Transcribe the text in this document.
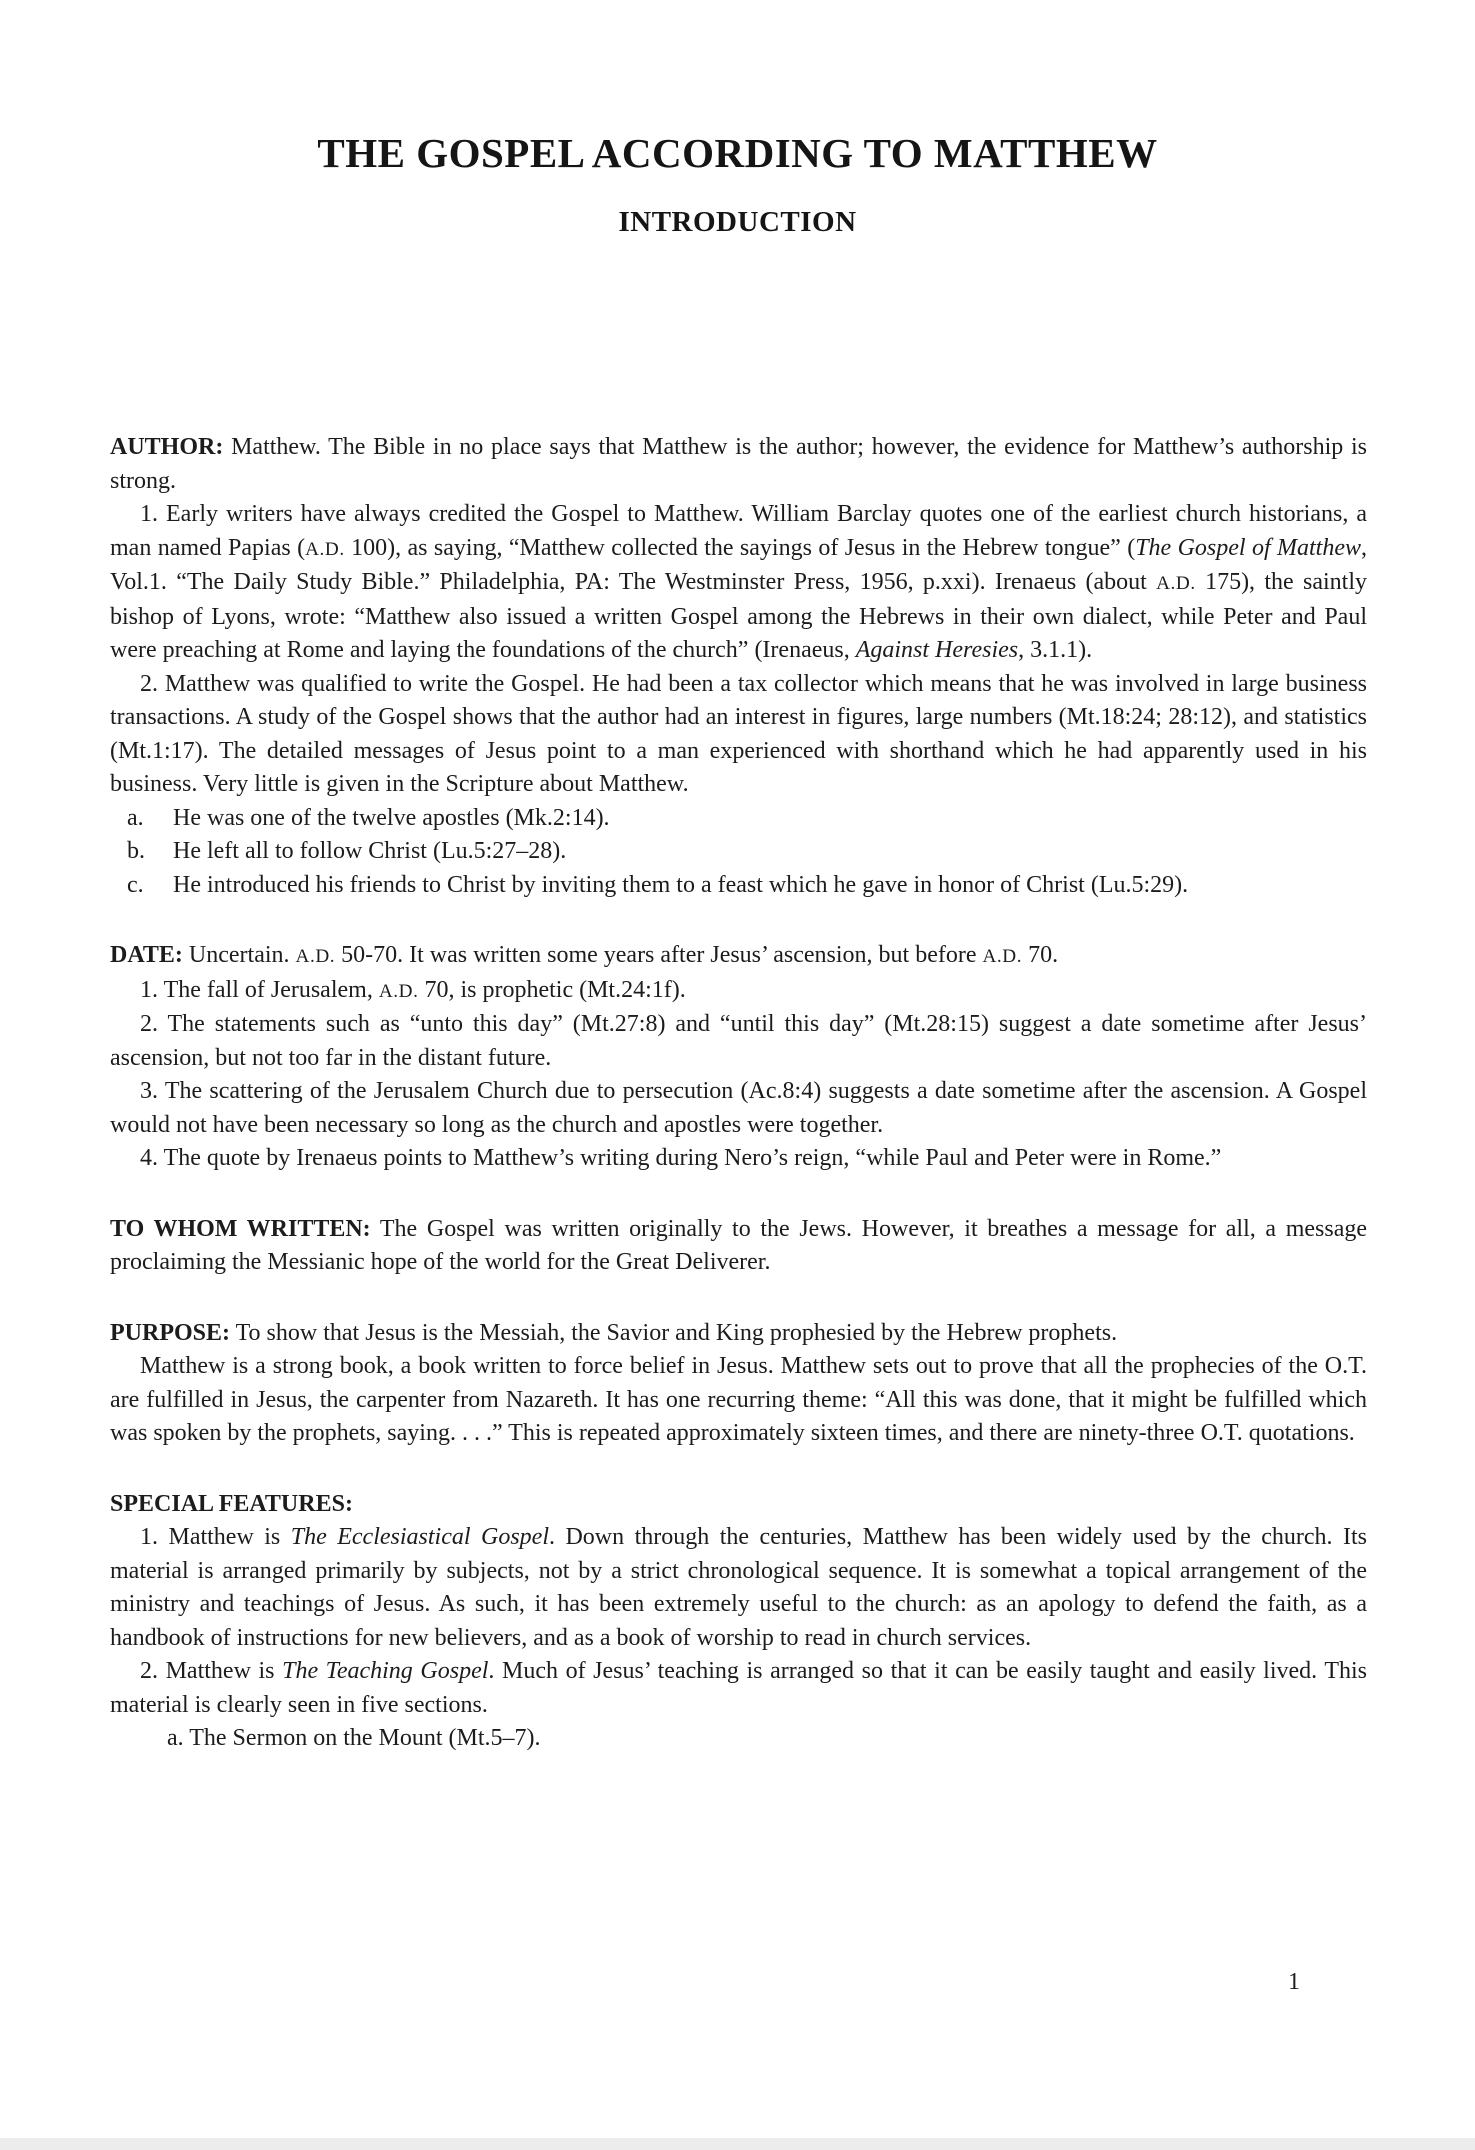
THE GOSPEL ACCORDING TO MATTHEW
INTRODUCTION

AUTHOR: Matthew. The Bible in no place says that Matthew is the author; however, the evidence for Matthew’s authorship is strong.

1. Early writers have always credited the Gospel to Matthew. William Barclay quotes one of the earliest church historians, a man named Papias (A.D. 100), as saying, “Matthew collected the sayings of Jesus in the Hebrew tongue” (The Gospel of Matthew, Vol.1. “The Daily Study Bible.” Philadelphia, PA: The Westminster Press, 1956, p.xxi). Irenaeus (about A.D. 175), the saintly bishop of Lyons, wrote: “Matthew also issued a written Gospel among the Hebrews in their own dialect, while Peter and Paul were preaching at Rome and laying the foundations of the church” (Irenaeus, Against Heresies, 3.1.1).

2. Matthew was qualified to write the Gospel. He had been a tax collector which means that he was involved in large business transactions. A study of the Gospel shows that the author had an interest in figures, large numbers (Mt.18:24; 28:12), and statistics (Mt.1:17). The detailed messages of Jesus point to a man experienced with shorthand which he had apparently used in his business. Very little is given in the Scripture about Matthew.

a. He was one of the twelve apostles (Mk.2:14).

b. He left all to follow Christ (Lu.5:27–28).

c. He introduced his friends to Christ by inviting them to a feast which he gave in honor of Christ (Lu.5:29).

DATE: Uncertain. A.D. 50-70. It was written some years after Jesus’ ascension, but before A.D. 70.

1. The fall of Jerusalem, A.D. 70, is prophetic (Mt.24:1f).

2. The statements such as “unto this day” (Mt.27:8) and “until this day” (Mt.28:15) suggest a date sometime after Jesus’ ascension, but not too far in the distant future.

3. The scattering of the Jerusalem Church due to persecution (Ac.8:4) suggests a date sometime after the ascension. A Gospel would not have been necessary so long as the church and apostles were together.

4. The quote by Irenaeus points to Matthew’s writing during Nero’s reign, “while Paul and Peter were in Rome.”

TO WHOM WRITTEN: The Gospel was written originally to the Jews. However, it breathes a message for all, a message proclaiming the Messianic hope of the world for the Great Deliverer.

PURPOSE: To show that Jesus is the Messiah, the Savior and King prophesied by the Hebrew prophets.

Matthew is a strong book, a book written to force belief in Jesus. Matthew sets out to prove that all the prophecies of the O.T. are fulfilled in Jesus, the carpenter from Nazareth. It has one recurring theme: “All this was done, that it might be fulfilled which was spoken by the prophets, saying. . . .” This is repeated approximately sixteen times, and there are ninety-three O.T. quotations.

SPECIAL FEATURES:

1. Matthew is The Ecclesiastical Gospel. Down through the centuries, Matthew has been widely used by the church. Its material is arranged primarily by subjects, not by a strict chronological sequence. It is somewhat a topical arrangement of the ministry and teachings of Jesus. As such, it has been extremely useful to the church: as an apology to defend the faith, as a handbook of instructions for new believers, and as a book of worship to read in church services.

2. Matthew is The Teaching Gospel. Much of Jesus’ teaching is arranged so that it can be easily taught and easily lived. This material is clearly seen in five sections.

a. The Sermon on the Mount (Mt.5–7).

1
